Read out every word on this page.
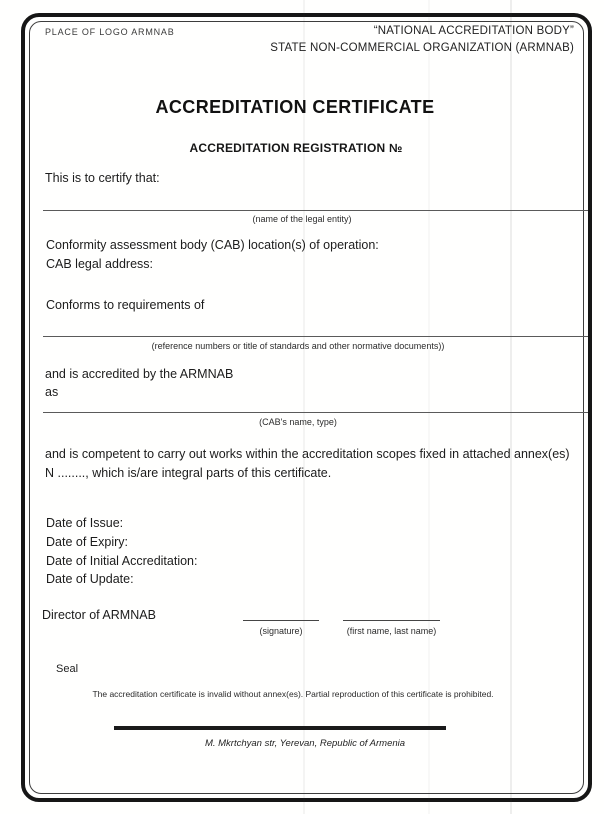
PLACE OF LOGO ARMNAB	“NATIONAL ACCREDITATION BODY”
STATE NON-COMMERCIAL ORGANIZATION (ARMNAB)
ACCREDITATION CERTIFICATE
ACCREDITATION REGISTRATION №
This is to certify that:
(name of the legal entity)
Conformity assessment body (CAB) location(s) of operation:
CAB legal address:
Conforms to requirements of
(reference numbers or title of standards and other normative documents))
and is accredited by the ARMNAB
as
(CAB's name, type)
and is competent to carry out works within the accreditation scopes fixed in attached annex(es)
N ........, which is/are integral parts of this certificate.
Date of Issue:
Date of Expiry:
Date of Initial Accreditation:
Date of Update:
Director of ARMNAB
(signature)	(first name, last name)
Seal
The accreditation certificate is invalid without annex(es). Partial reproduction of this certificate is prohibited.
M. Mkrtchyan str, Yerevan, Republic of Armenia
